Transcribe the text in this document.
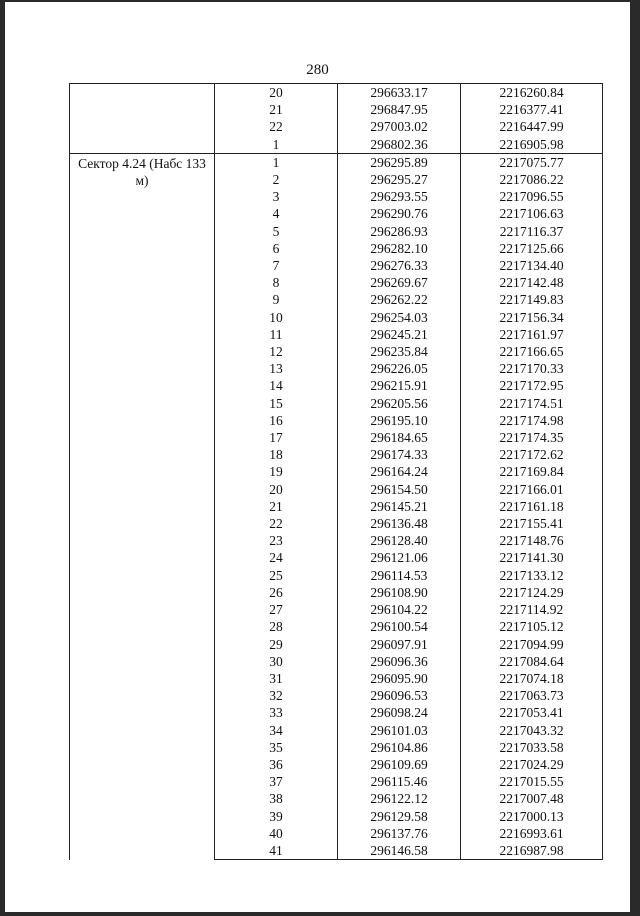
280
	20	296633.17	2216260.84
	21	296847.95	2216377.41
	22	297003.02	2216447.99
	1	296802.36	2216905.98

Сектор 4.24 (Набс 133 м)	1	296295.89	2217075.77
	2	296295.27	2217086.22
	3	296293.55	2217096.55
	4	296290.76	2217106.63
	5	296286.93	2217116.37
	6	296282.10	2217125.66
	7	296276.33	2217134.40
	8	296269.67	2217142.48
	9	296262.22	2217149.83
	10	296254.03	2217156.34
	11	296245.21	2217161.97
	12	296235.84	2217166.65
	13	296226.05	2217170.33
	14	296215.91	2217172.95
	15	296205.56	2217174.51
	16	296195.10	2217174.98
	17	296184.65	2217174.35
	18	296174.33	2217172.62
	19	296164.24	2217169.84
	20	296154.50	2217166.01
	21	296145.21	2217161.18
	22	296136.48	2217155.41
	23	296128.40	2217148.76
	24	296121.06	2217141.30
	25	296114.53	2217133.12
	26	296108.90	2217124.29
	27	296104.22	2217114.92
	28	296100.54	2217105.12
	29	296097.91	2217094.99
	30	296096.36	2217084.64
	31	296095.90	2217074.18
	32	296096.53	2217063.73
	33	296098.24	2217053.41
	34	296101.03	2217043.32
	35	296104.86	2217033.58
	36	296109.69	2217024.29
	37	296115.46	2217015.55
	38	296122.12	2217007.48
	39	296129.58	2217000.13
	40	296137.76	2216993.61
	41	296146.58	2216987.98
